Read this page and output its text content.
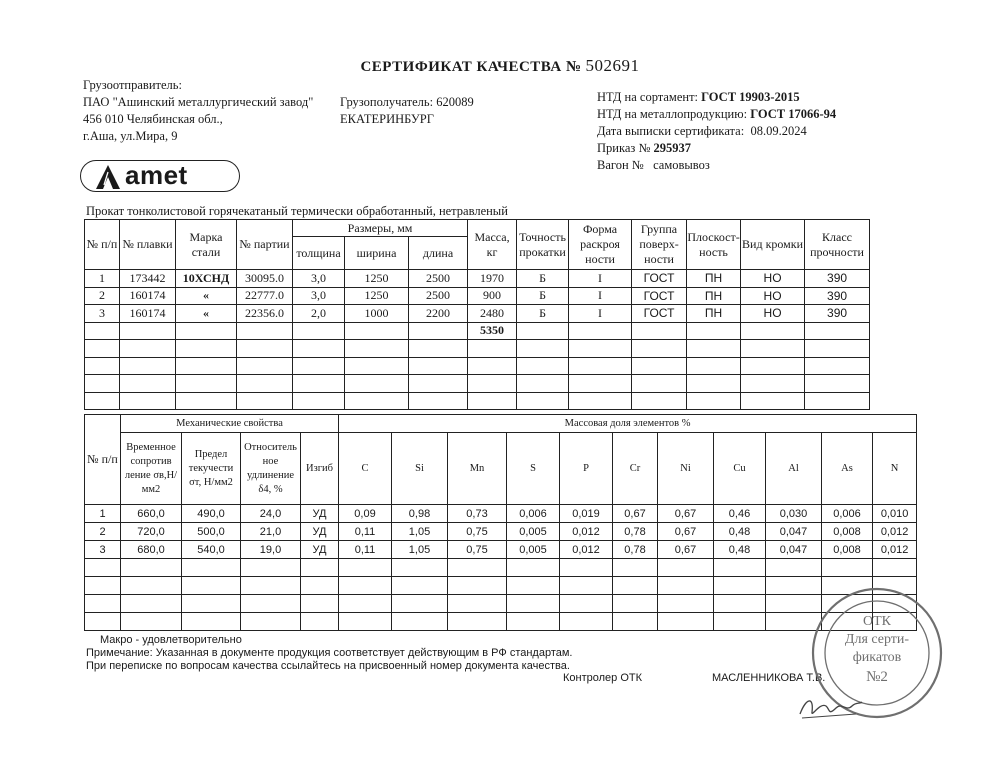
СЕРТИФИКАТ КАЧЕСТВА № 502691
Грузоотправитель:
ПАО "Ашинский металлургический завод"
456 010 Челябинская обл.,
г.Аша, ул.Мира, 9
Грузополучатель: 620089
ЕКАТЕРИНБУРГ
НТД на сортамент: ГОСТ 19903-2015
НТД на металлопродукцию: ГОСТ 17066-94
Дата выписки сертификата: 08.09.2024
Приказ № 295937
Вагон № самовывоз
amet
Прокат тонколистовой горячекатаный термически обработанный, нетравленый
№ п/п	№ плавки	Марка стали	№ партии	Размеры, мм			Масса, кг	Точность прокатки	Форма раскроя ности	Группа поверх- ности	Плоскост- ность	Вид кромки	Класс прочности
				толщина	ширина	длина							
1	173442	10ХСНД	30095.0	3,0	1250	2500	1970	Б	I	ГОСТ	ПН	НО	390
2	160174	«	22777.0	3,0	1250	2500	900	Б	I	ГОСТ	ПН	НО	390
3	160174	«	22356.0	2,0	1000	2200	2480	Б	I	ГОСТ	ПН	НО	390
							5350						

№ п/п	Механические свойства				Массовая доля элементов %										
	Временное сопротив ление σв,Н/мм2	Предел текучести σт, Н/мм2	Относитель ное удлинение δ4, %	Изгиб	C	Si	Mn	S	P	Cr	Ni	Cu	Al	As	N
1	660,0	490,0	24,0	УД	0,09	0,98	0,73	0,006	0,019	0,67	0,67	0,46	0,030	0,006	0,010
2	720,0	500,0	21,0	УД	0,11	1,05	0,75	0,005	0,012	0,78	0,67	0,48	0,047	0,008	0,012
3	680,0	540,0	19,0	УД	0,11	1,05	0,75	0,005	0,012	0,78	0,67	0,48	0,047	0,008	0,012

Макро - удовлетворительно
Примечание: Указанная в документе продукция соответствует действующим в РФ стандартам.
При переписке по вопросам качества ссылайтесь на присвоенный номер документа качества.
Контролер ОТК	МАСЛЕННИКОВА Т.В.
ОТК
Для серти-
фикатов
№2
